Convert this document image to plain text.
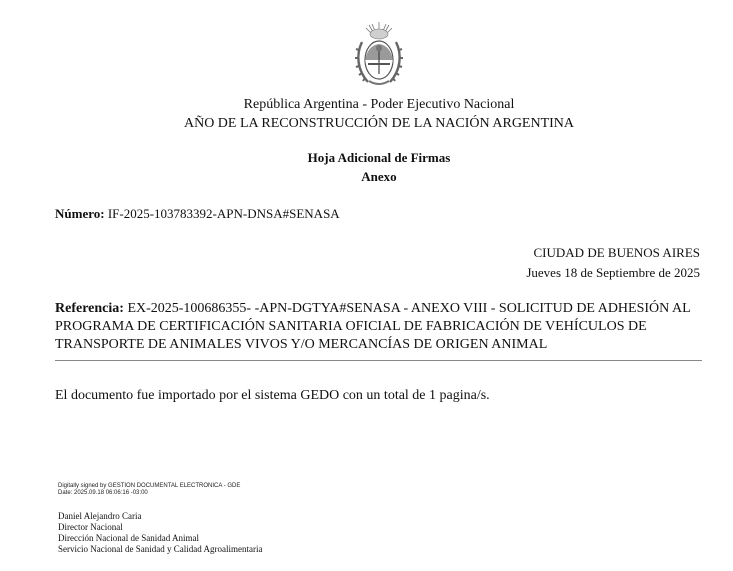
República Argentina - Poder Ejecutivo Nacional
AÑO DE LA RECONSTRUCCIÓN DE LA NACIÓN ARGENTINA
Hoja Adicional de Firmas
Anexo
Número: IF-2025-103783392-APN-DNSA#SENASA
CIUDAD DE BUENOS AIRES
Jueves 18 de Septiembre de 2025
Referencia: EX-2025-100686355- -APN-DGTYA#SENASA - ANEXO VIII - SOLICITUD DE ADHESIÓN AL PROGRAMA DE CERTIFICACIÓN SANITARIA OFICIAL DE FABRICACIÓN DE VEHÍCULOS DE TRANSPORTE DE ANIMALES VIVOS Y/O MERCANCÍAS DE ORIGEN ANIMAL
El documento fue importado por el sistema GEDO con un total de 1 pagina/s.
Digitally signed by GESTION DOCUMENTAL ELECTRONICA - GDE
Date: 2025.09.18 06:06:16 -03:00
Daniel Alejandro Caria
Director Nacional
Dirección Nacional de Sanidad Animal
Servicio Nacional de Sanidad y Calidad Agroalimentaria
